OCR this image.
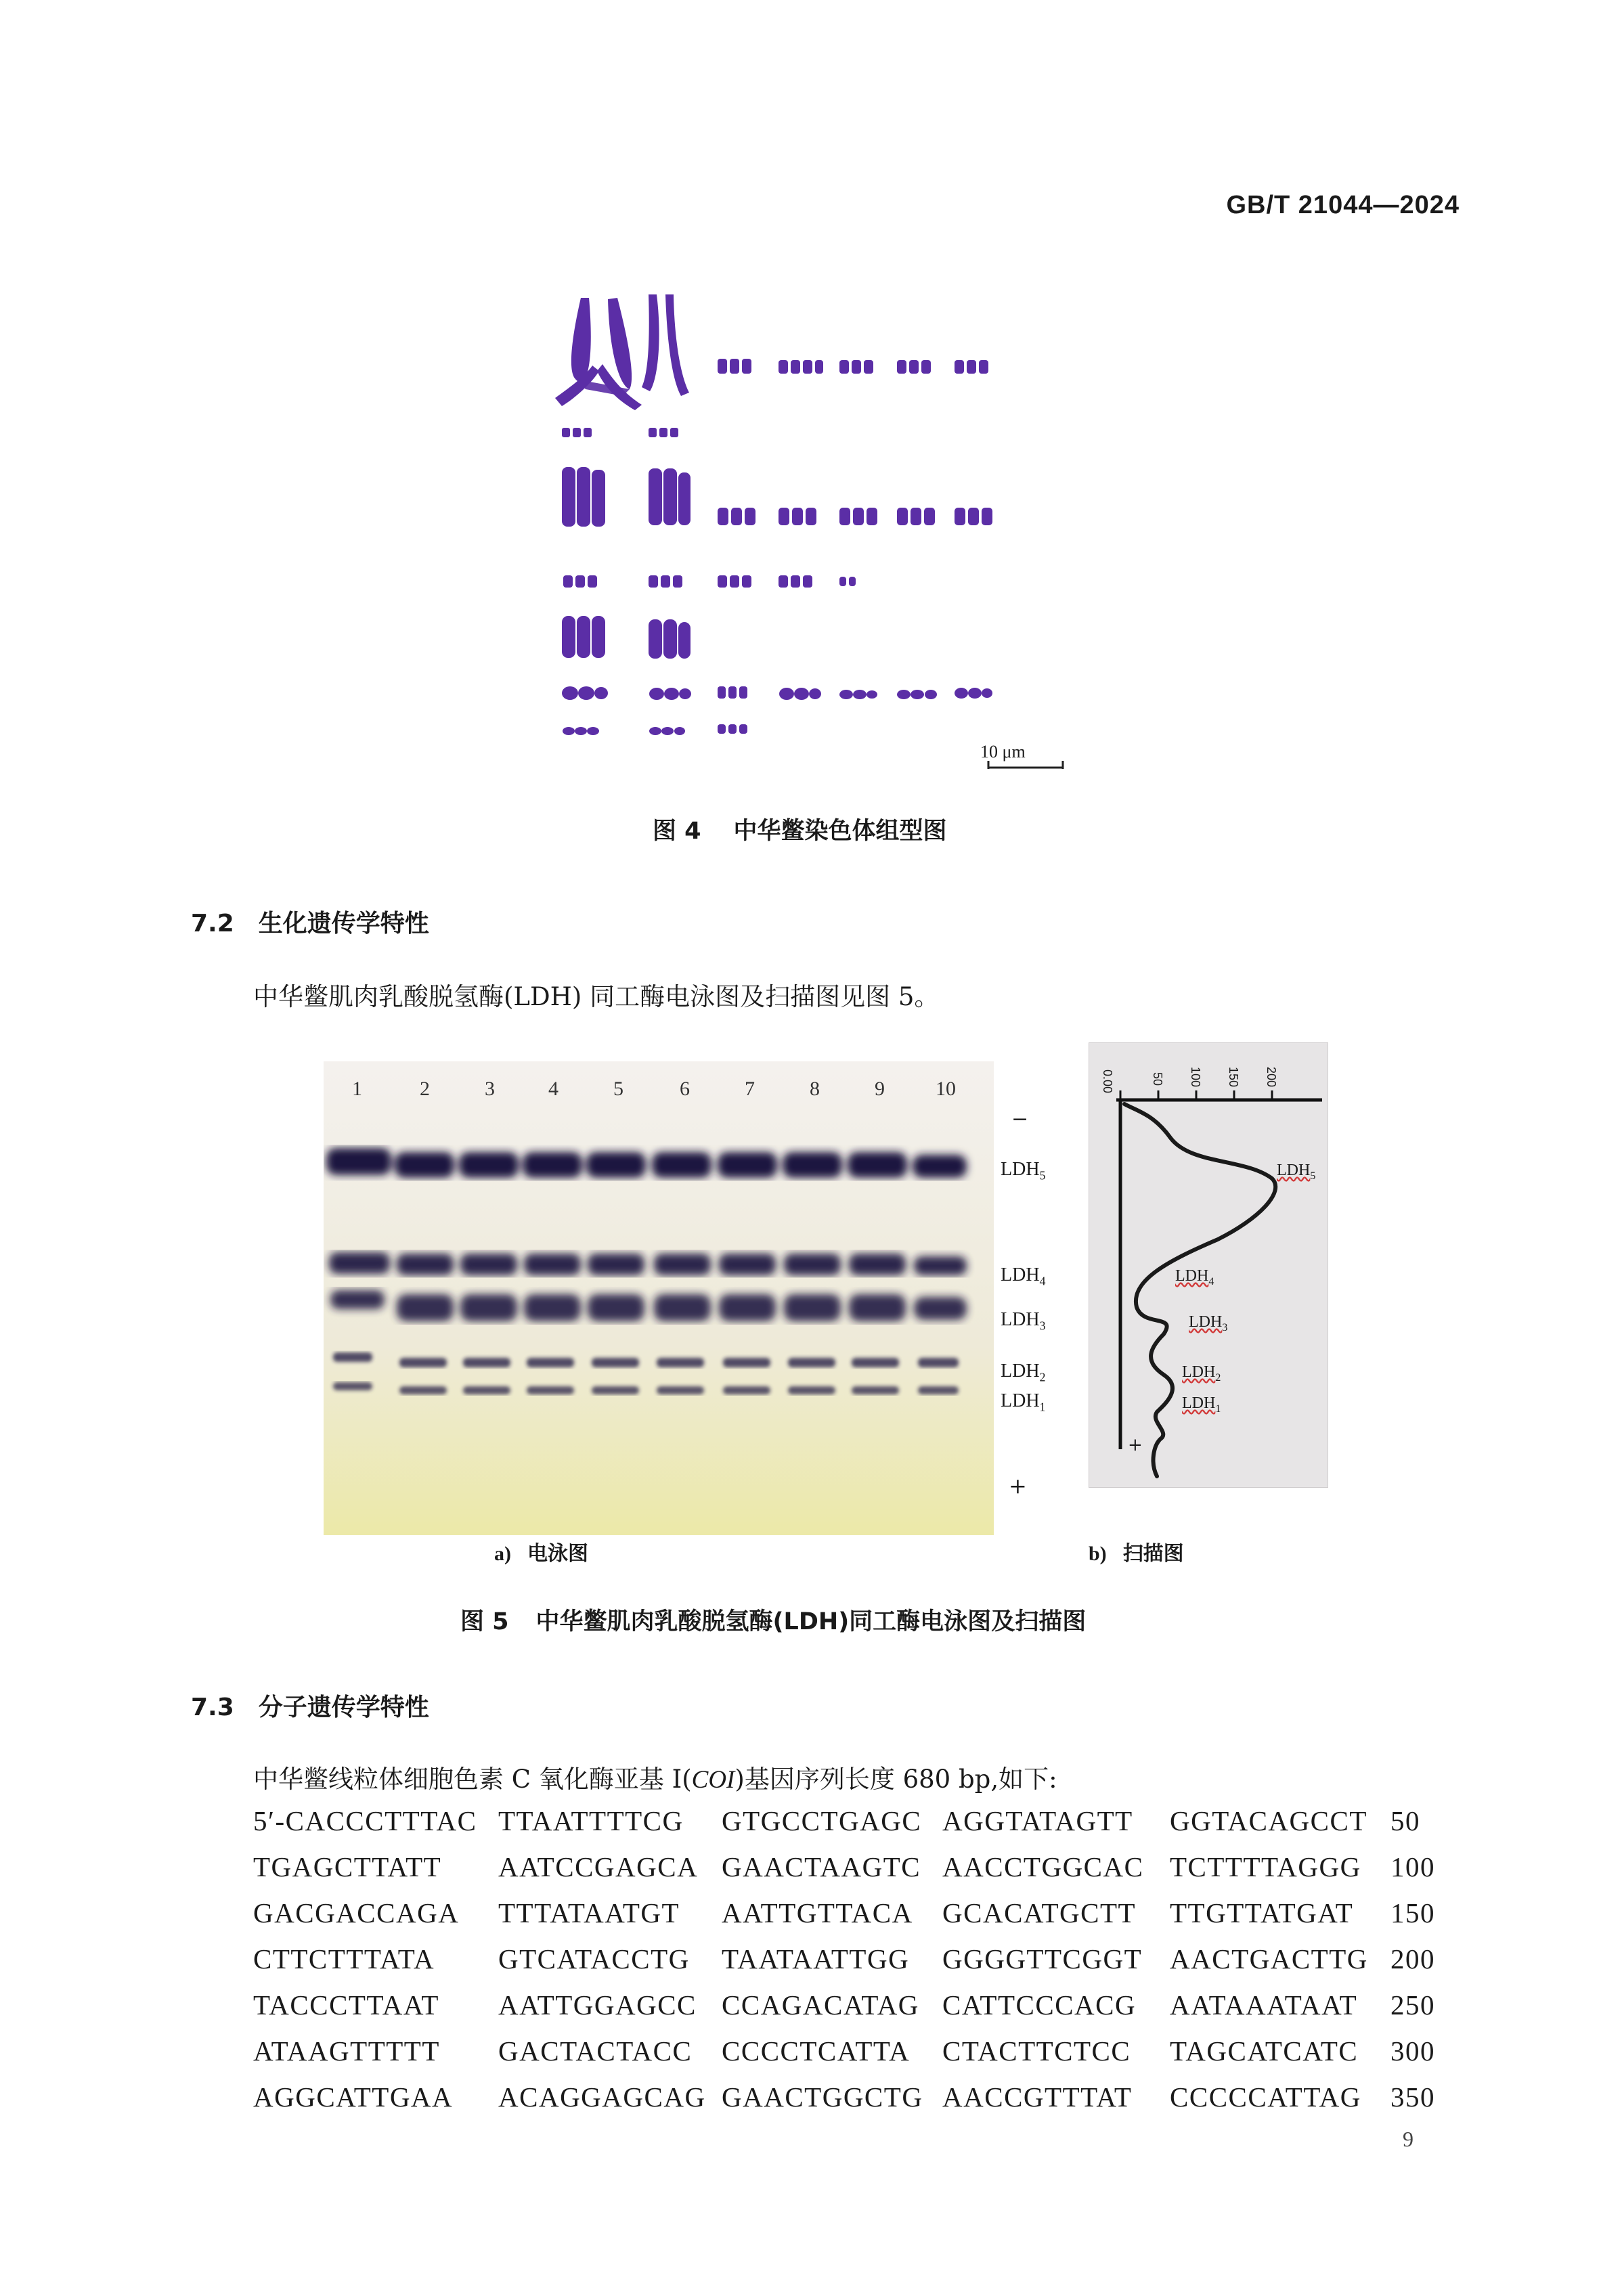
GB/T 21044—2024
10 μm
图 4 中华鳖染色体组型图
7.2 生化遗传学特性
中华鳖肌肉乳酸脱氢酶(LDH) 同工酶电泳图及扫描图见图 5。
1	2	3	4	5	6	7	8	9	10
−
$LDH_5$
$LDH_4$
$LDH_3$
$LDH_2$
$LDH_1$
+
0.00	50 100 150 200
$LDH_5$
$LDH_4$
$LDH_3$
$LDH_2$
$LDH_1$
+
a) 电泳图	b) 扫描图
图 5 中华鳖肌肉乳酸脱氢酶(LDH)同工酶电泳图及扫描图
7.3 分子遗传学特性
中华鳖线粒体细胞色素 C 氧化酶亚基 I(COI)基因序列长度 680 bp,如下:
5′-CACCCTTTAC TTAATTTTCG GTGCCTGAGC AGGTATAGTT GGTACAGCCT 50
TGAGCTTATT AATCCGAGCA GAACTAAGTC AACCTGGCAC TCTTTTAGGG 100
GACGACCAGA TTTATAATGT AATTGTTACA GCACATGCTT TTGTTATGAT 150
CTTCTTTATA GTCATACCTG TAATAATTGG GGGGTTCGGT AACTGACTTG 200
TACCCTTAAT AATTGGAGCC CCAGACATAG CATTCCCACG AATAAATAAT 250
ATAAGTTTTT GACTACTACC CCCCTCATTA CTACTTCTCC TAGCATCATC 300
AGGCATTGAA ACAGGAGCAG GAACTGGCTG AACCGTTTAT CCCCCATTAG 350
9
